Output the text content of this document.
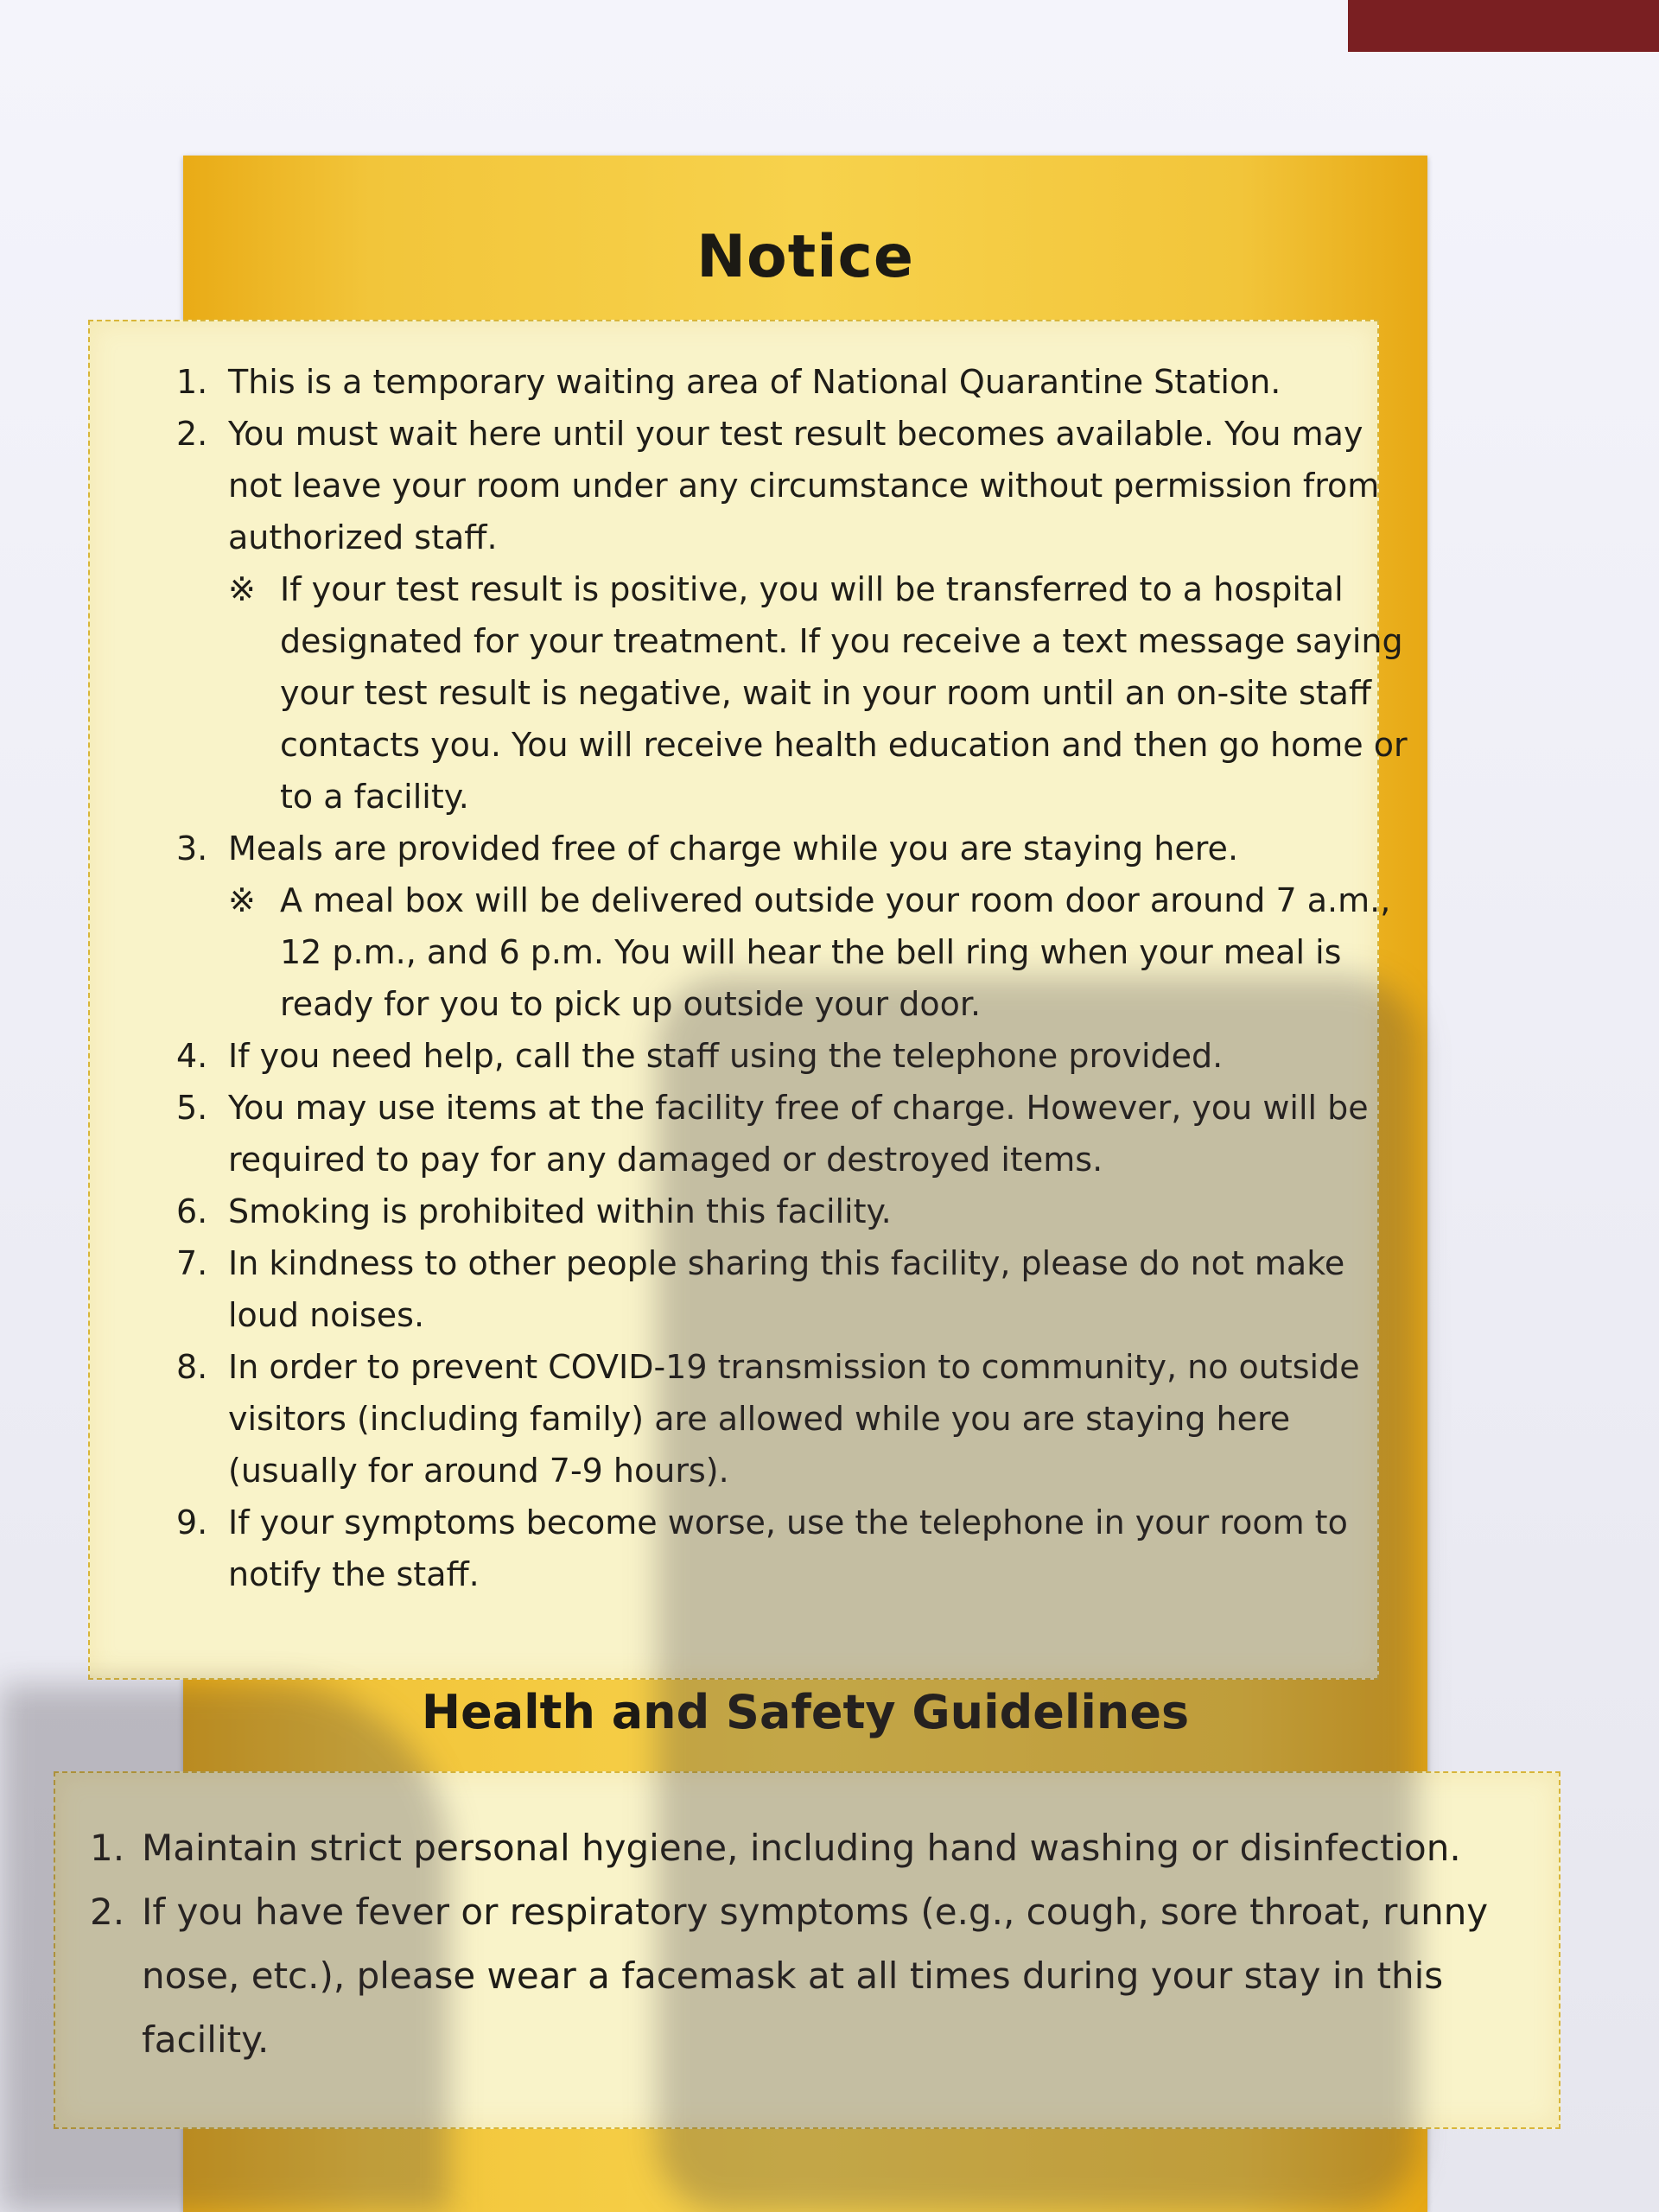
Notice
1. This is a temporary waiting area of National Quarantine Station.
2. You must wait here until your test result becomes available. You may not leave your room under any circumstance without permission from authorized staff.
※ If your test result is positive, you will be transferred to a hospital designated for your treatment. If you receive a text message saying your test result is negative, wait in your room until an on-site staff contacts you. You will receive health education and then go home or to a facility.
3. Meals are provided free of charge while you are staying here.
※ A meal box will be delivered outside your room door around 7 a.m., 12 p.m., and 6 p.m. You will hear the bell ring when your meal is ready for you to pick up outside your door.
4. If you need help, call the staff using the telephone provided.
5. You may use items at the facility free of charge. However, you will be required to pay for any damaged or destroyed items.
6. Smoking is prohibited within this facility.
7. In kindness to other people sharing this facility, please do not make loud noises.
8. In order to prevent COVID-19 transmission to community, no outside visitors (including family) are allowed while you are staying here (usually for around 7-9 hours).
9. If your symptoms become worse, use the telephone in your room to notify the staff.
Health and Safety Guidelines
1. Maintain strict personal hygiene, including hand washing or disinfection.
2. If you have fever or respiratory symptoms (e.g., cough, sore throat, runny nose, etc.), please wear a facemask at all times during your stay in this facility.
